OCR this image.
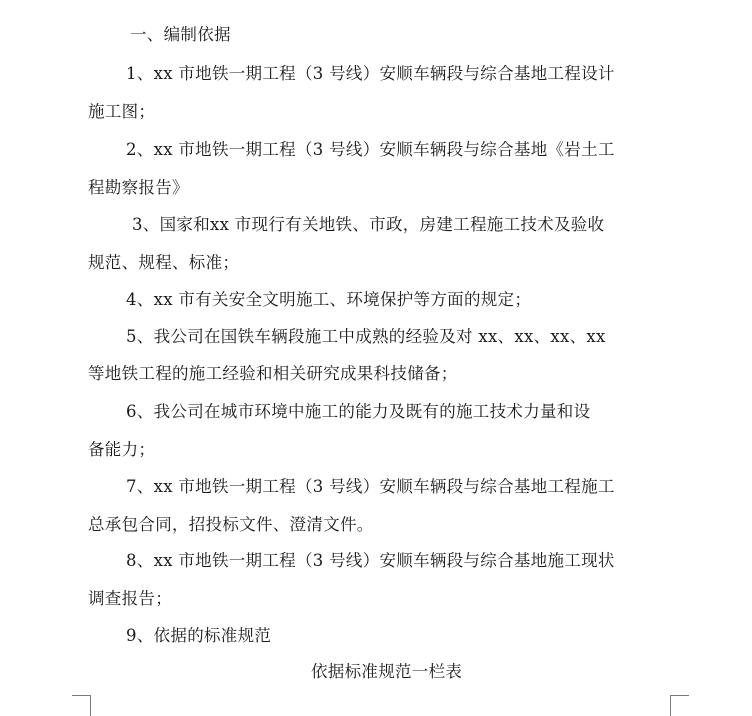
一、编制依据
1、xx 市地铁一期工程（3 号线）安顺车辆段与综合基地工程设计
施工图；
2、xx 市地铁一期工程（3 号线）安顺车辆段与综合基地《岩土工
程勘察报告》
3、国家和xx 市现行有关地铁、市政，房建工程施工技术及验收
规范、规程、标准；
4、xx 市有关安全文明施工、环境保护等方面的规定；
5、我公司在国铁车辆段施工中成熟的经验及对 xx、xx、xx、xx
等地铁工程的施工经验和相关研究成果科技储备；
6、我公司在城市环境中施工的能力及既有的施工技术力量和设
备能力；
7、xx 市地铁一期工程（3 号线）安顺车辆段与综合基地工程施工
总承包合同，招投标文件、澄清文件。
8、xx 市地铁一期工程（3 号线）安顺车辆段与综合基地施工现状
调查报告；
9、依据的标准规范
依据标准规范一栏表
